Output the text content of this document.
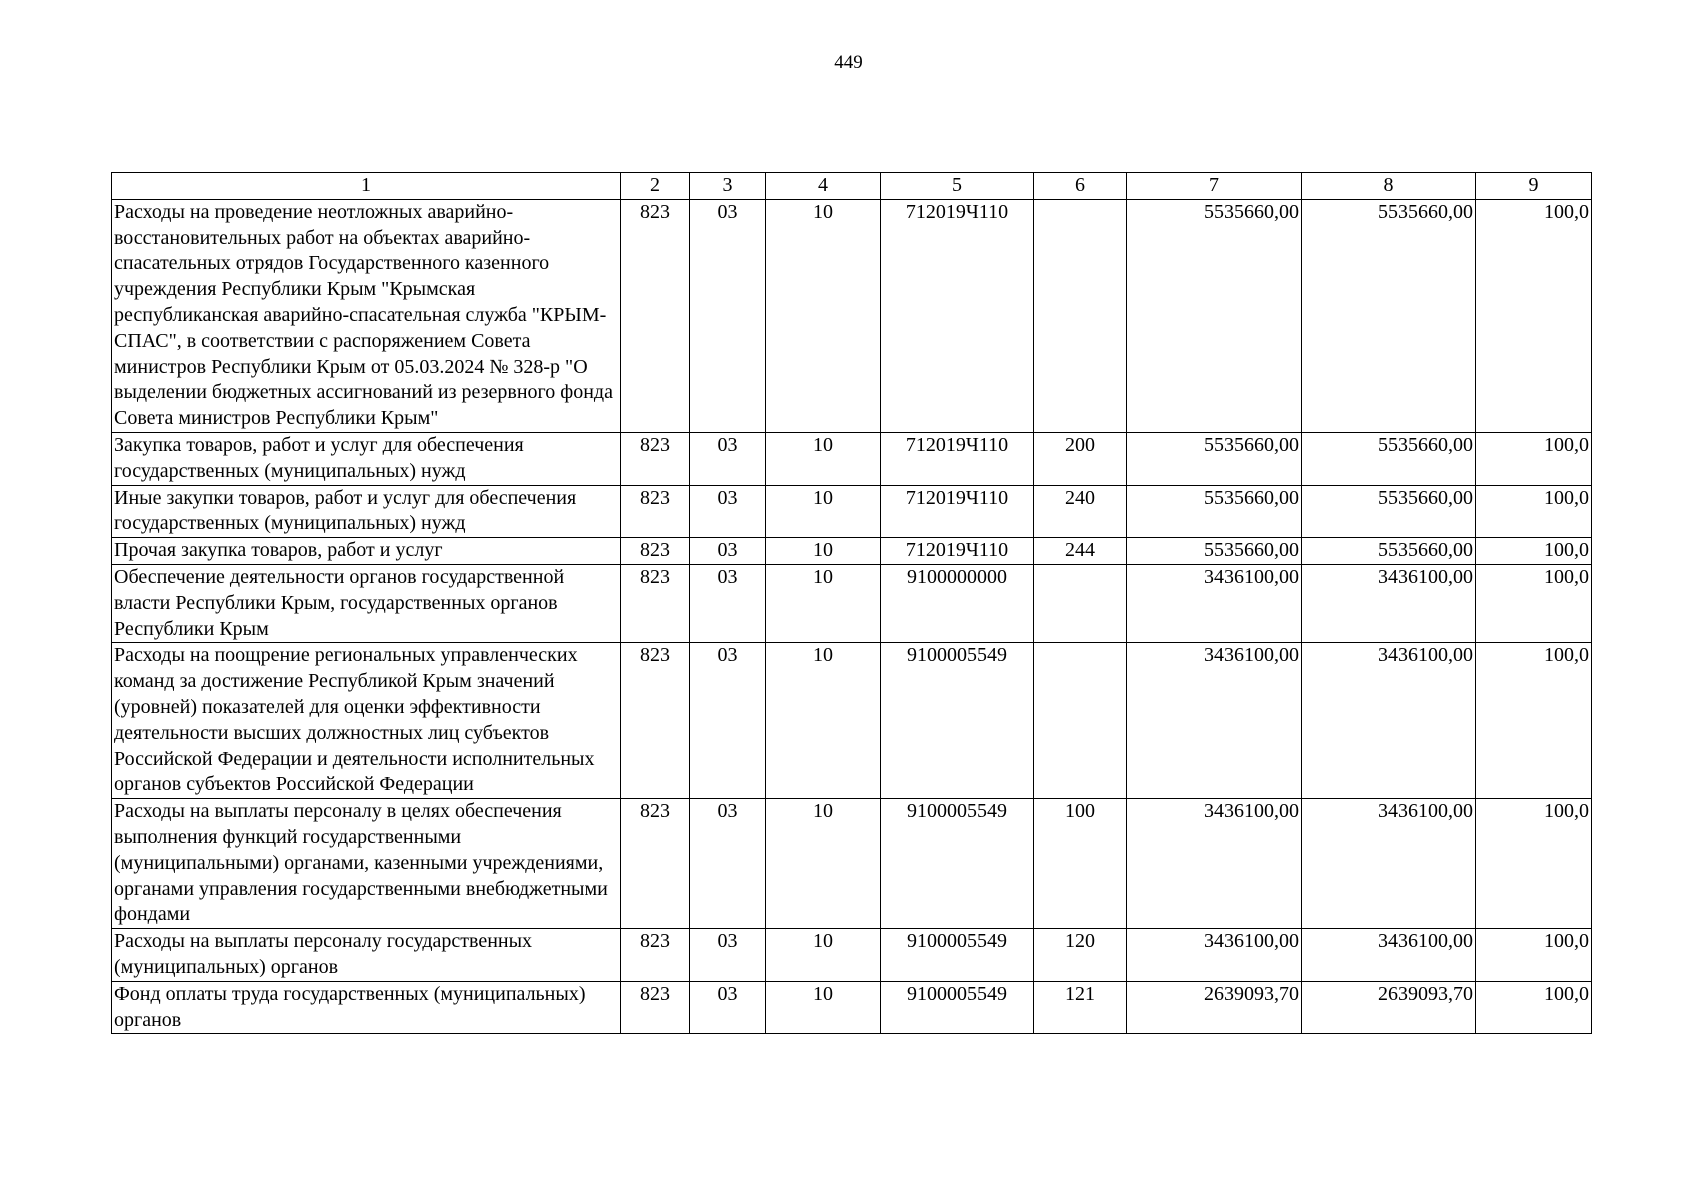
449
1	2	3	4	5	6	7	8	9
Расходы на проведение неотложных аварийно-восстановительных работ на объектах аварийно-спасательных отрядов Государственного казенного учреждения Республики Крым "Крымская республиканская аварийно-спасательная служба "КРЫМ-СПАС", в соответствии с распоряжением Совета министров Республики Крым от 05.03.2024 № 328-р "О выделении бюджетных ассигнований из резервного фонда Совета министров Республики Крым"	823	03	10	712019Ч110		5535660,00	5535660,00	100,0
Закупка товаров, работ и услуг для обеспечения государственных (муниципальных) нужд	823	03	10	712019Ч110	200	5535660,00	5535660,00	100,0
Иные закупки товаров, работ и услуг для обеспечения государственных (муниципальных) нужд	823	03	10	712019Ч110	240	5535660,00	5535660,00	100,0
Прочая закупка товаров, работ и услуг	823	03	10	712019Ч110	244	5535660,00	5535660,00	100,0
Обеспечение деятельности органов государственной власти Республики Крым, государственных органов Республики Крым	823	03	10	9100000000		3436100,00	3436100,00	100,0
Расходы на поощрение региональных управленческих команд за достижение Республикой Крым значений (уровней) показателей для оценки эффективности деятельности высших должностных лиц субъектов Российской Федерации и деятельности исполнительных органов субъектов Российской Федерации	823	03	10	9100005549		3436100,00	3436100,00	100,0
Расходы на выплаты персоналу в целях обеспечения выполнения функций государственными (муниципальными) органами, казенными учреждениями, органами управления государственными внебюджетными фондами	823	03	10	9100005549	100	3436100,00	3436100,00	100,0
Расходы на выплаты персоналу государственных (муниципальных) органов	823	03	10	9100005549	120	3436100,00	3436100,00	100,0
Фонд оплаты труда государственных (муниципальных) органов	823	03	10	9100005549	121	2639093,70	2639093,70	100,0
